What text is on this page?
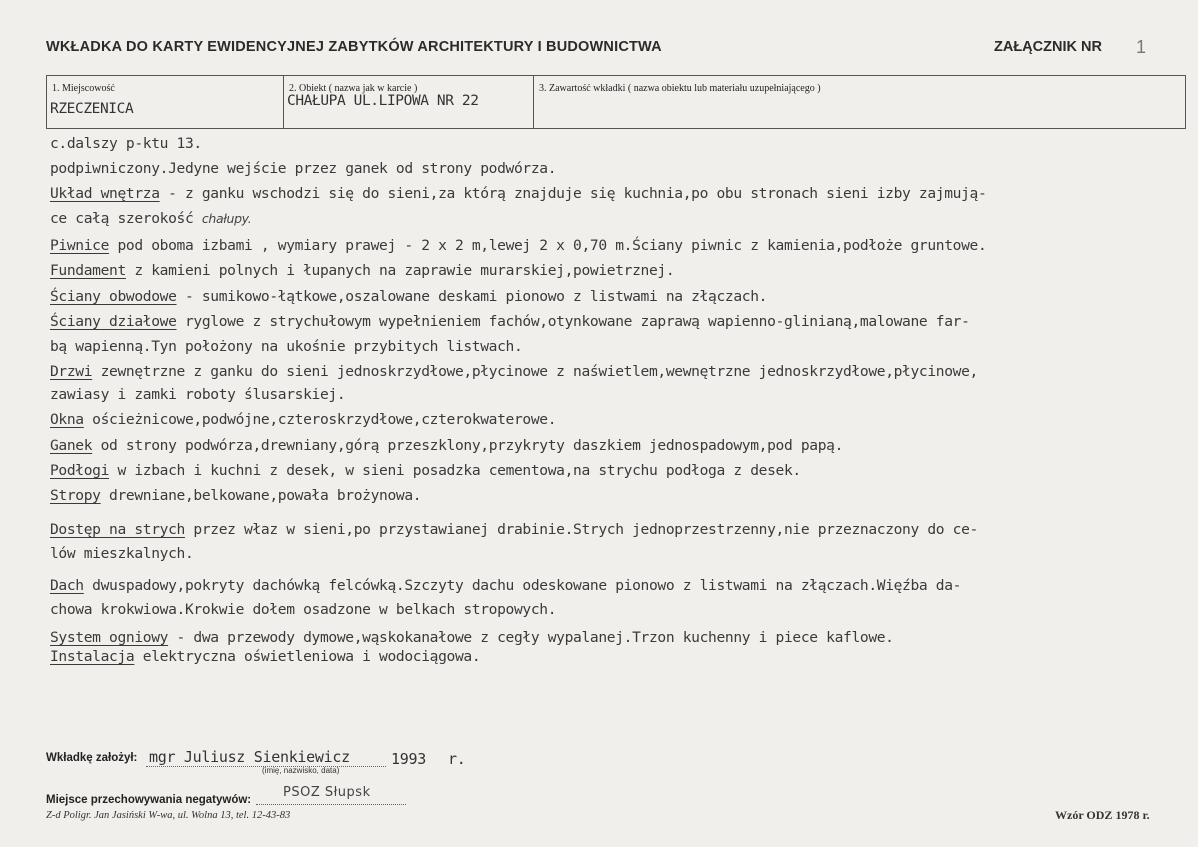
WKŁADKA DO KARTY EWIDENCYJNEJ ZABYTKÓW ARCHITEKTURY I BUDOWNICTWA	ZAŁĄCZNIK NR 1
1. Miejscowość
RZECZENICA
2. Obiekt ( nazwa jak w karcie )
CHAŁUPA UL.LIPOWA NR 22
3. Zawartość wkładki ( nazwa obiektu lub materiału uzupełniającego )
c.dalszy p-ktu 13.
podpiwniczony.Jedyne wejście przez ganek od strony podwórza.
Układ wnętrza - z ganku wschodzi się do sieni,za którą znajduje się kuchnia,po obu stronach sieni izby zajmują-
ce całą szerokość chałupy.
Piwnice pod oboma izbami , wymiary prawej - 2 x 2 m,lewej 2 x 0,70 m.Ściany piwnic z kamienia,podłoże gruntowe.
Fundament z kamieni polnych i łupanych na zaprawie murarskiej,powietrznej.
Ściany obwodowe - sumikowo-łątkowe,oszalowane deskami pionowo z listwami na złączach.
Ściany działowe ryglowe z strychułowym wypełnieniem fachów,otynkowane zaprawą wapienno-glinianą,malowane far-
bą wapienną.Tyn położony na ukośnie przybitych listwach.
Drzwi zewnętrzne z ganku do sieni jednoskrzydłowe,płycinowe z naświetlem,wewnętrzne jednoskrzydłowe,płycinowe,
zawiasy i zamki roboty ślusarskiej.
Okna ościeżnicowe,podwójne,czteroskrzydłowe,czterokwaterowe.
Ganek od strony podwórza,drewniany,górą przeszklony,przykryty daszkiem jednospadowym,pod papą.
Podłogi w izbach i kuchni z desek, w sieni posadzka cementowa,na strychu podłoga z desek.
Stropy drewniane,belkowane,powała brożynowa.
Dostęp na strych przez właz w sieni,po przystawianej drabinie.Strych jednoprzestrzenny,nie przeznaczony do ce-
lów mieszkalnych.
Dach dwuspadowy,pokryty dachówką felcówką.Szczyty dachu odeskowane pionowo z listwami na złączach.Więźba da-
chowa krokwiowa.Krokwie dołem osadzone w belkach stropowych.
System ogniowy - dwa przewody dymowe,wąskokanałowe z cegły wypalanej.Trzon kuchenny i piece kaflowe.
Instalacja elektryczna oświetleniowa i wodociągowa.
Wkładkę założył: mgr Juliusz Sienkiewicz	1993 r.
(imię, nazwisko, data)
Miejsce przechowywania negatywów: PSOZ Słupsk
Z-d Poligr. Jan Jasiński W-wa, ul. Wolna 13, tel. 12-43-83	Wzór ODZ 1978 r.
